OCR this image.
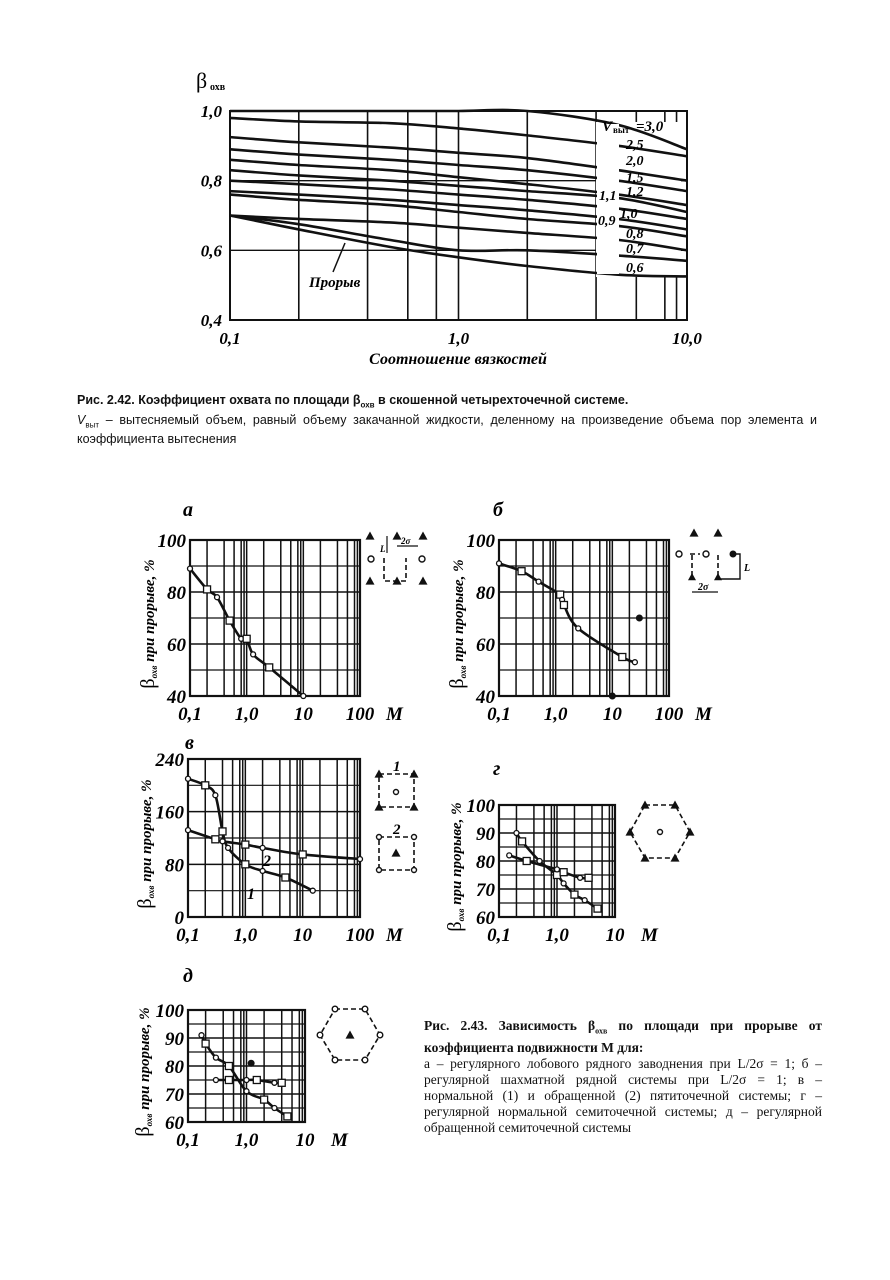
1,0
0,8
0,6
0,4
0,1	1,0	10,0
Соотношение вязкостей
β охв
V выт =3,0
2,5
2,0
1,5
1,1 1,2
0,9 1,0
0,8
0,7
0,6
Прорыв
Рис. 2.42. Коэффициент охвата по площади $\beta_{охв}$ в скошенной четырехточечной системе.
$V_{выт}$ – вытесняемый объем, равный объему закачанной жидкости, деленному на произведение объема пор элемента и коэффициента вытеснения
100
80
60
40
0,1 1,0 10 100 M
а
$\beta_{охв}$ при прорыве, %
100
80
60
40
0,1 1,0 10 100 M
б
$\beta_{охв}$ при прорыве, %
240
160
80
0
0,1 1,0 10 100 M
в
$\beta_{охв}$ при прорыве, %	2
1
100
90
80
70
60
0,1 1,0 10 M
г
$\beta_{охв}$ при прорыве, %
100
90
80
70
60
0,1 1,0 10 M
д
$\beta_{охв}$ при прорыве, %
L
2σ
L
2σ
1
2
Рис. 2.43. Зависимость $\beta_{охв}$ по площади при прорыве от коэффициента подвижности M для:
а – регулярного лобового рядного заводнения при L/2σ = 1; б – регулярной шахматной рядной системы при L/2σ = 1; в – нормальной (1) и обращенной (2) пятиточечной системы; г – регулярной нормальной семиточечной системы; д – регулярной обращенной семиточечной системы
